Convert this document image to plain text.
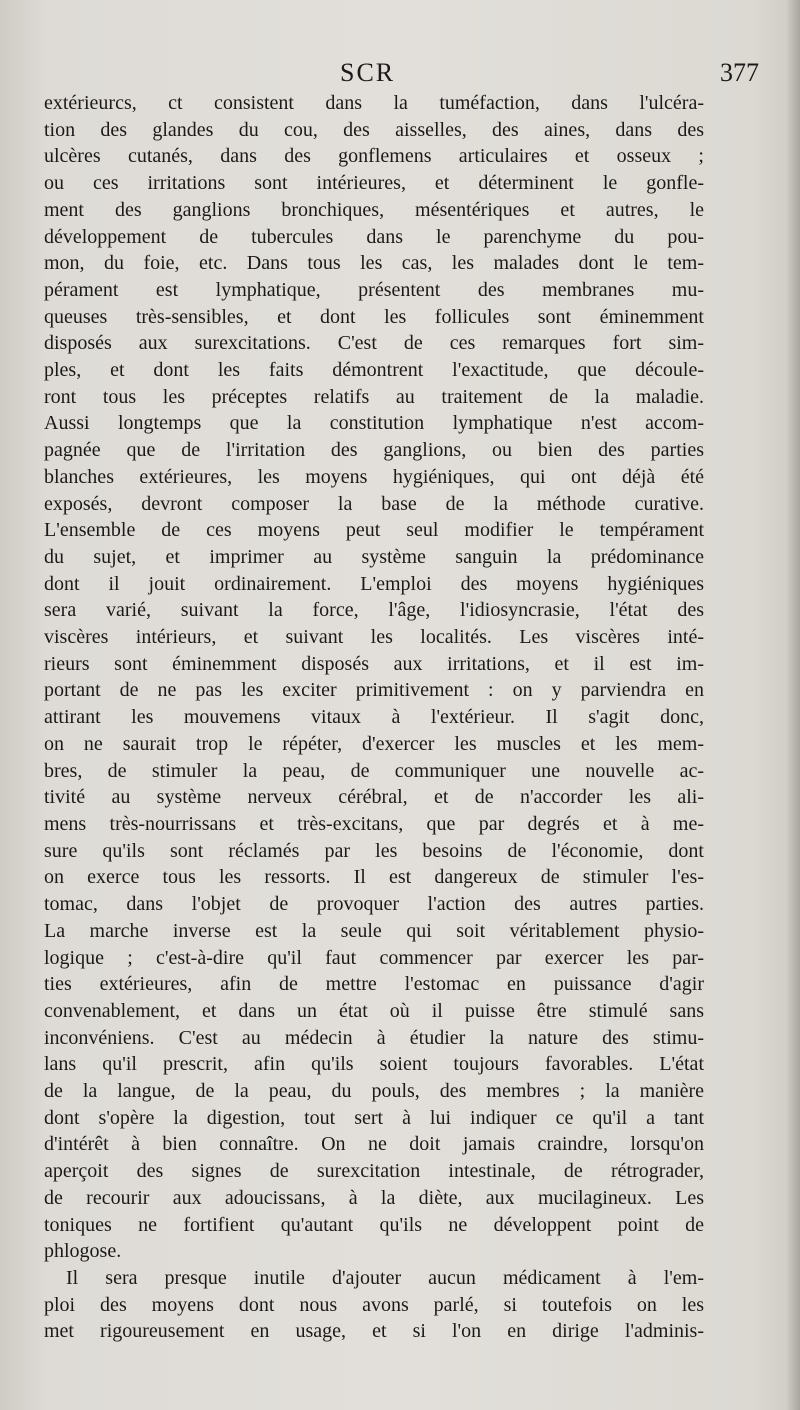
SCR	377
extérieurcs, ct consistent dans la tuméfaction, dans l'ulcéra-
tion des glandes du cou, des aisselles, des aines, dans des
ulcères cutanés, dans des gonflemens articulaires et osseux ;
ou ces irritations sont intérieures, et déterminent le gonfle-
ment des ganglions bronchiques, mésentériques et autres, le
développement de tubercules dans le parenchyme du pou-
mon, du foie, etc. Dans tous les cas, les malades dont le tem-
pérament est lymphatique, présentent des membranes mu-
queuses très-sensibles, et dont les follicules sont éminemment
disposés aux surexcitations. C'est de ces remarques fort sim-
ples, et dont les faits démontrent l'exactitude, que découle-
ront tous les préceptes relatifs au traitement de la maladie.
Aussi longtemps que la constitution lymphatique n'est accom-
pagnée que de l'irritation des ganglions, ou bien des parties
blanches extérieures, les moyens hygiéniques, qui ont déjà été
exposés, devront composer la base de la méthode curative.
L'ensemble de ces moyens peut seul modifier le tempérament
du sujet, et imprimer au système sanguin la prédominance
dont il jouit ordinairement. L'emploi des moyens hygiéniques
sera varié, suivant la force, l'âge, l'idiosyncrasie, l'état des
viscères intérieurs, et suivant les localités. Les viscères inté-
rieurs sont éminemment disposés aux irritations, et il est im-
portant de ne pas les exciter primitivement : on y parviendra en
attirant les mouvemens vitaux à l'extérieur. Il s'agit donc,
on ne saurait trop le répéter, d'exercer les muscles et les mem-
bres, de stimuler la peau, de communiquer une nouvelle ac-
tivité au système nerveux cérébral, et de n'accorder les ali-
mens très-nourrissans et très-excitans, que par degrés et à me-
sure qu'ils sont réclamés par les besoins de l'économie, dont
on exerce tous les ressorts. Il est dangereux de stimuler l'es-
tomac, dans l'objet de provoquer l'action des autres parties.
La marche inverse est la seule qui soit véritablement physio-
logique ; c'est-à-dire qu'il faut commencer par exercer les par-
ties extérieures, afin de mettre l'estomac en puissance d'agir
convenablement, et dans un état où il puisse être stimulé sans
inconvéniens. C'est au médecin à étudier la nature des stimu-
lans qu'il prescrit, afin qu'ils soient toujours favorables. L'état
de la langue, de la peau, du pouls, des membres ; la manière
dont s'opère la digestion, tout sert à lui indiquer ce qu'il a tant
d'intérêt à bien connaître. On ne doit jamais craindre, lorsqu'on
aperçoit des signes de surexcitation intestinale, de rétrograder,
de recourir aux adoucissans, à la diète, aux mucilagineux. Les
toniques ne fortifient qu'autant qu'ils ne développent point de
phlogose.
Il sera presque inutile d'ajouter aucun médicament à l'em-
ploi des moyens dont nous avons parlé, si toutefois on les
met rigoureusement en usage, et si l'on en dirige l'adminis-
